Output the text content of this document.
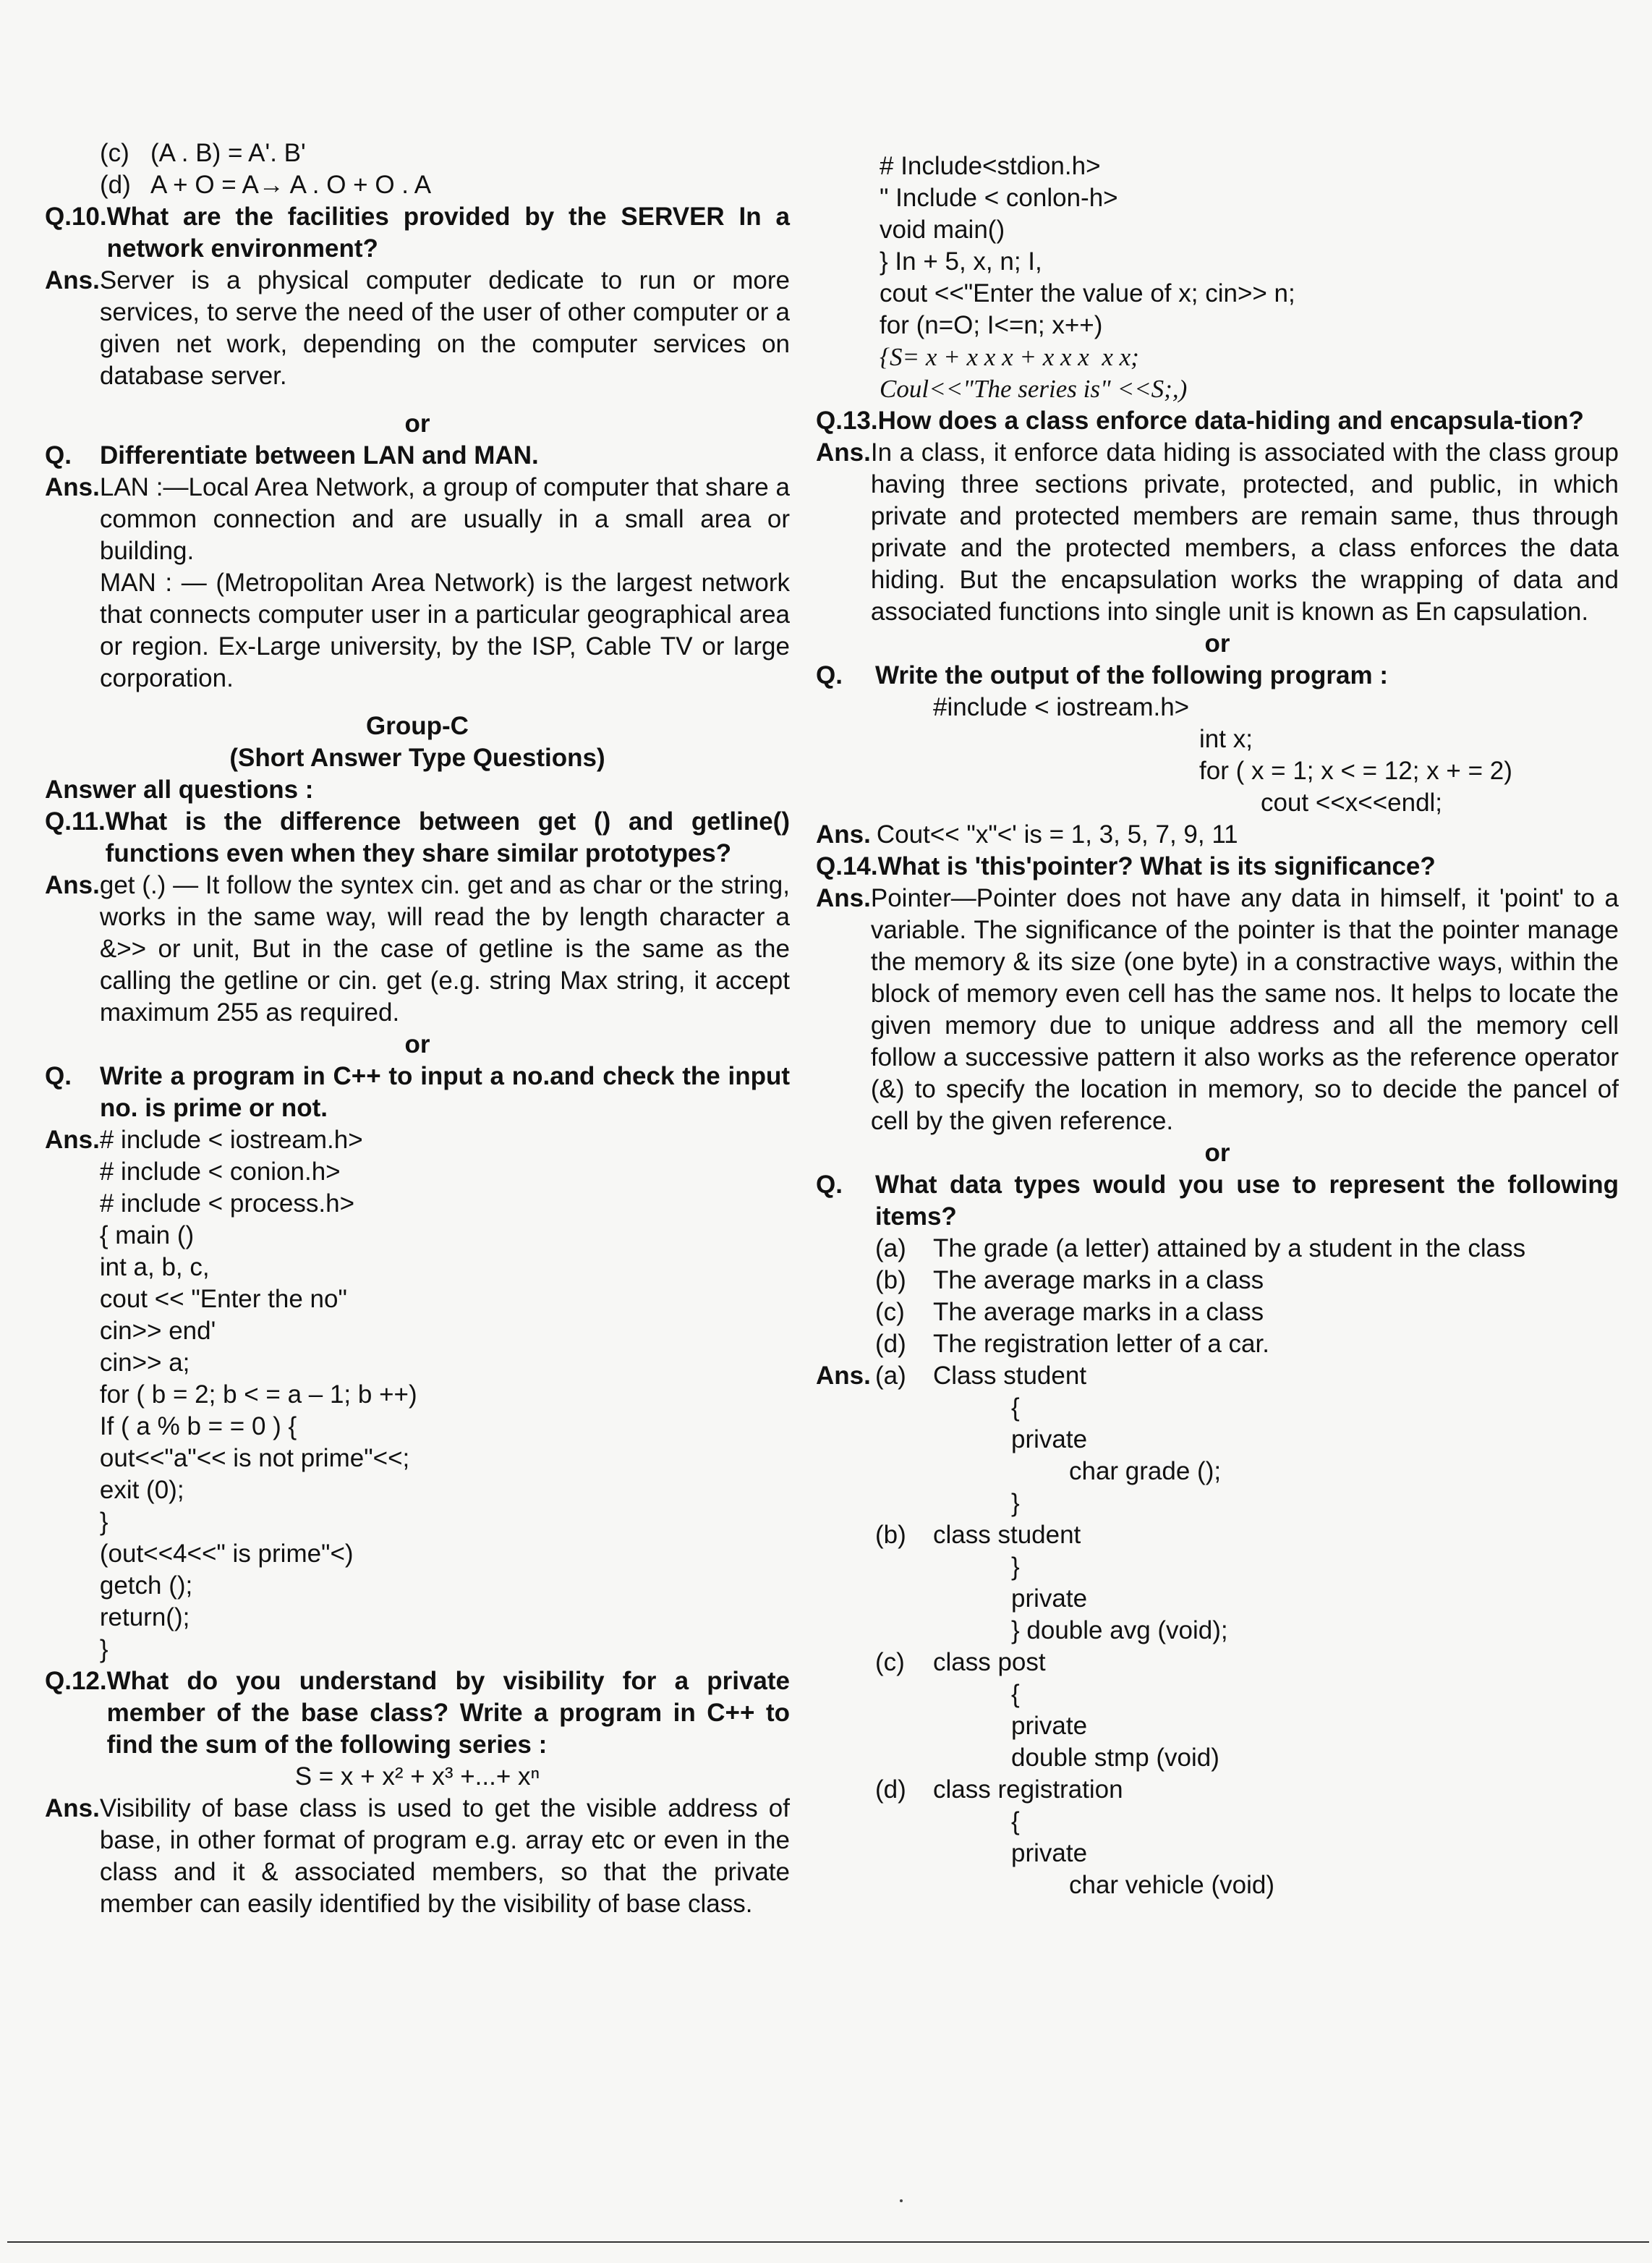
(c)   (A . B) = A'. B'
(d)   A + O = A→ A . O + O . A
Q.10. What are the facilities provided by the SERVER In a network environment?
Ans. Server is a physical computer dedicate to run or more services, to serve the need of the user of other computer or a given net work, depending on the computer services on database server.
or
Q.	Differentiate between LAN and MAN.
Ans. LAN :—Local Area Network, a group of computer that share a common connection and are usually in a small area or building.
MAN : — (Metropolitan Area Network) is the largest network that connects computer user in a particular geographical area or region. Ex-Large university, by the ISP, Cable TV or large corporation.
Group-C
(Short Answer Type Questions)
Answer all questions :
Q.11. What is the difference between get () and getline() functions even when they share similar prototypes?
Ans. get (.) — It follow the syntex cin. get and as char or the string, works in the same way, will read the by length character a &>> or unit, But in the case of getline is the same as the calling the getline or cin. get (e.g. string Max string, it accept maximum 255 as required.
or
Q.	Write a program in C++ to input a no.and check the input no. is prime or not.
Ans. # include < iostream.h>
# include < conion.h>
# include < process.h>
{ main ()
int a, b, c,
cout << "Enter the no"
cin>> end'
cin>> a;
for ( b = 2; b < = a – 1; b ++)
If ( a % b = = 0 ) {
out<<"a"<< is not prime"<<;
exit (0);
}
(out<<4<<" is prime"<)
getch ();
return();
}
Q.12. What do you understand by visibility for a private member of the base class? Write a program in C++ to find the sum of the following series :
S = x + x² + x³ +...+ xⁿ
Ans. Visibility of base class is used to get the visible address of base, in other format of program e.g. array etc or even in the class and it & associated members, so that the private member can easily identified by the visibility of base class.
# Include<stdion.h>
" Include < conlon-h>
void main()
} In + 5, x, n; I,
cout <<"Enter the value of x; cin>> n;
for (n=O; I<=n; x++)
{S= x + x x x + x x x  x x;
Coul<<"The series is" <<S;,)
Q.13. How does a class enforce data-hiding and encapsula-tion?
Ans. In a class, it enforce data hiding is associated with the class group having three sections private, protected, and public, in which private and protected members are remain same, thus through private and the protected members, a class enforces the data hiding. But the encapsulation works the wrapping of data and associated functions into single unit is known as En capsulation.
or
Q.	Write the output of the following program :
#include < iostream.h>
int x;
for ( x = 1; x < = 12; x + = 2)
cout <<x<<endl;
Ans. Cout<< "x"<' is = 1, 3, 5, 7, 9, 11
Q.14. What is 'this'pointer? What is its significance?
Ans. Pointer—Pointer does not have any data in himself, it 'point' to a variable. The significance of the pointer is that the pointer manage the memory & its size (one byte) in a constractive ways, within the block of memory even cell has the same nos. It helps to locate the given memory due to unique address and all the memory cell follow a successive pattern it also works as the reference operator (&) to specify the location in memory, so to decide the pancel of cell by the given reference.
or
Q.	What data types would you use to represent the following items?
(a)	The grade (a letter) attained by a student in the class
(b)	The average marks in a class
(c)	The average marks in a class
(d)	The registration letter of a car.
Ans. (a)	Class student
{
private
char grade ();
}
(b)	class student
}
private
} double avg (void);
(c)	class post
{
private
double stmp (void)
(d)	class registration
{
private
char vehicle (void)
